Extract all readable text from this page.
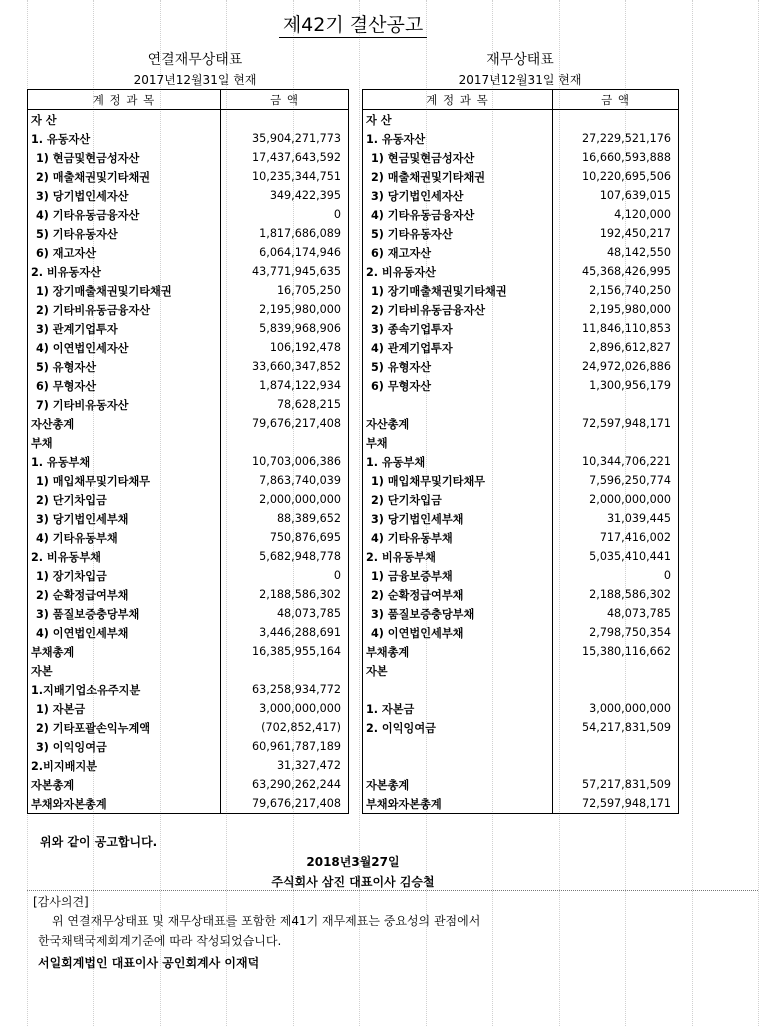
제42기 결산공고
연결재무상태표
2017년12월31일 현재
재무상태표
2017년12월31일 현재
계 정 과 목	금 액
자 산	
1. 유동자산	35,904,271,773
1) 현금및현금성자산	17,437,643,592
2) 매출채권및기타채권	10,235,344,751
3) 당기법인세자산	349,422,395
4) 기타유동금융자산	0
5) 기타유동자산	1,817,686,089
6) 재고자산	6,064,174,946
2. 비유동자산	43,771,945,635
1) 장기매출채권및기타채권	16,705,250
2) 기타비유동금융자산	2,195,980,000
3) 관계기업투자	5,839,968,906
4) 이연법인세자산	106,192,478
5) 유형자산	33,660,347,852
6) 무형자산	1,874,122,934
7) 기타비유동자산	78,628,215
자산총계	79,676,217,408
부채	
1. 유동부채	10,703,006,386
1) 매입채무및기타채무	7,863,740,039
2) 단기차입금	2,000,000,000
3) 당기법인세부채	88,389,652
4) 기타유동부채	750,876,695
2. 비유동부채	5,682,948,778
1) 장기차입금	0
2) 순확정급여부채	2,188,586,302
3) 품질보증충당부채	48,073,785
4) 이연법인세부채	3,446,288,691
부채총계	16,385,955,164
자본	
1.지배기업소유주지분	63,258,934,772
1) 자본금	3,000,000,000
2) 기타포괄손익누계액	(702,852,417)
3) 이익잉여금	60,961,787,189
2.비지배지분	31,327,472
자본총계	63,290,262,244
부채와자본총계	79,676,217,408
계 정 과 목	금 액
자 산	
1. 유동자산	27,229,521,176
1) 현금및현금성자산	16,660,593,888
2) 매출채권및기타채권	10,220,695,506
3) 당기법인세자산	107,639,015
4) 기타유동금융자산	4,120,000
5) 기타유동자산	192,450,217
6) 재고자산	48,142,550
2. 비유동자산	45,368,426,995
1) 장기매출채권및기타채권	2,156,740,250
2) 기타비유동금융자산	2,195,980,000
3) 종속기업투자	11,846,110,853
4) 관계기업투자	2,896,612,827
5) 유형자산	24,972,026,886
6) 무형자산	1,300,956,179

자산총계	72,597,948,171
부채	
1. 유동부채	10,344,706,221
1) 매입채무및기타채무	7,596,250,774
2) 단기차입금	2,000,000,000
3) 당기법인세부채	31,039,445
4) 기타유동부채	717,416,002
2. 비유동부채	5,035,410,441
1) 금융보증부채	0
2) 순확정급여부채	2,188,586,302
3) 품질보증충당부채	48,073,785
4) 이연법인세부채	2,798,750,354
부채총계	15,380,116,662
자본	

1. 자본금	3,000,000,000
2. 이익잉여금	54,217,831,509

자본총계	57,217,831,509
부채와자본총계	72,597,948,171
위와 같이 공고합니다.
2018년3월27일
주식회사 삼진 대표이사 김승철
[감사의견]
위 연결재무상태표 및 재무상태표를 포함한 제41기 재무제표는 중요성의 관점에서
한국채택국제회계기준에 따라 작성되었습니다.
서일회계법인 대표이사 공인회계사 이재덕
